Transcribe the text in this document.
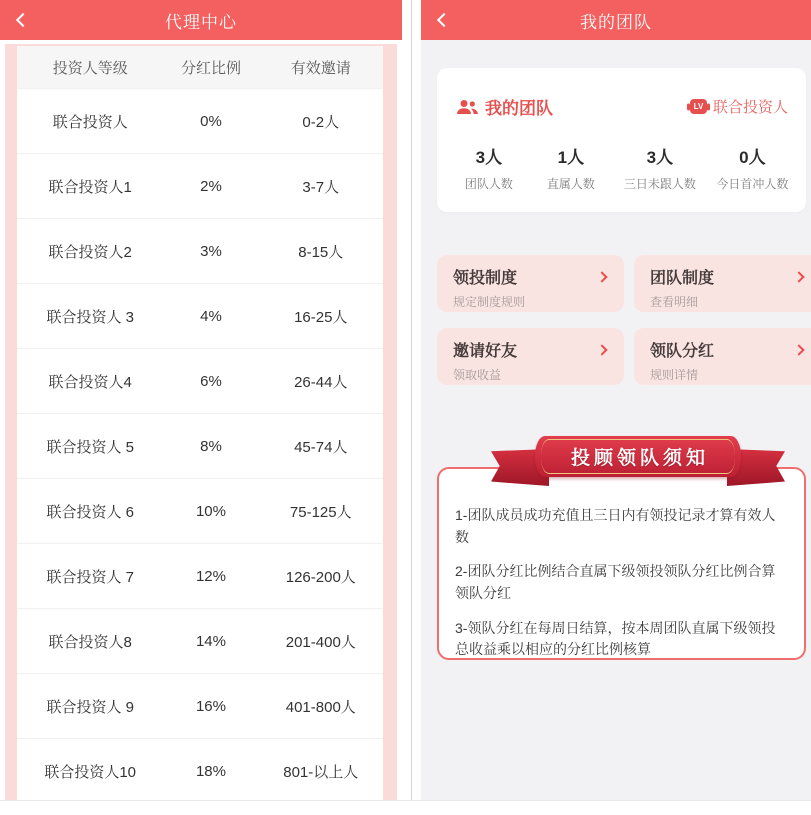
代理中心
投资人等级	分红比例	有效邀请
联合投资人	0%	0-2人
联合投资人1	2%	3-7人
联合投资人2	3%	8-15人
联合投资人 3	4%	16-25人
联合投资人4	6%	26-44人
联合投资人 5	8%	45-74人
联合投资人 6	10%	75-125人
联合投资人 7	12%	126-200人
联合投资人8	14%	201-400人
联合投资人 9	16%	401-800人
联合投资人10	18%	801-以上人
我的团队
我的团队	LV 联合投资人
3人
团队人数
1人
直属人数
3人
三日未跟人数
0人
今日首冲人数
领投制度
规定制度规则
团队制度
查看明细
邀请好友
领取收益
领队分红
规则详情

1-团队成员成功充值且三日内有领投记录才算有效人数

2-团队分红比例结合直属下级领投领队分红比例合算领队分红

3-领队分红在每周日结算，按本周团队直属下级领投总收益乘以相应的分红比例核算

投顾领队须知
